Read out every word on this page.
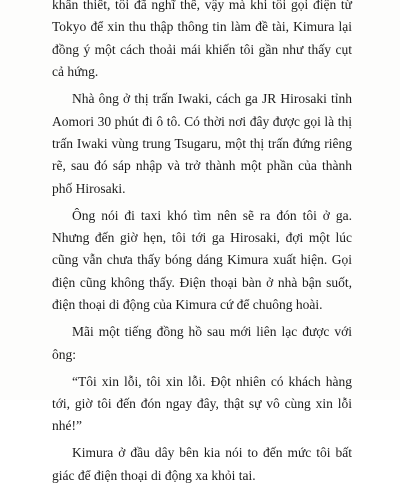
khẩn thiết, tôi đã nghĩ thế, vậy mà khi tôi gọi điện từ Tokyo để xin thu thập thông tin làm đề tài, Kimura lại đồng ý một cách thoải mái khiến tôi gần như thấy cụt cả hứng.

Nhà ông ở thị trấn Iwaki, cách ga JR Hirosaki tỉnh Aomori 30 phút đi ô tô. Có thời nơi đây được gọi là thị trấn Iwaki vùng trung Tsugaru, một thị trấn đứng riêng rẽ, sau đó sáp nhập và trở thành một phần của thành phố Hirosaki.

Ông nói đi taxi khó tìm nên sẽ ra đón tôi ở ga. Nhưng đến giờ hẹn, tôi tới ga Hirosaki, đợi một lúc cũng vẫn chưa thấy bóng dáng Kimura xuất hiện. Gọi điện cũng không thấy. Điện thoại bàn ở nhà bận suốt, điện thoại di động của Kimura cứ để chuông hoài.

Mãi một tiếng đồng hồ sau mới liên lạc được với ông:

“Tôi xin lỗi, tôi xin lỗi. Đột nhiên có khách hàng tới, giờ tôi đến đón ngay đây, thật sự vô cùng xin lỗi nhé!”

Kimura ở đầu dây bên kia nói to đến mức tôi bất giác để điện thoại di động xa khỏi tai.
